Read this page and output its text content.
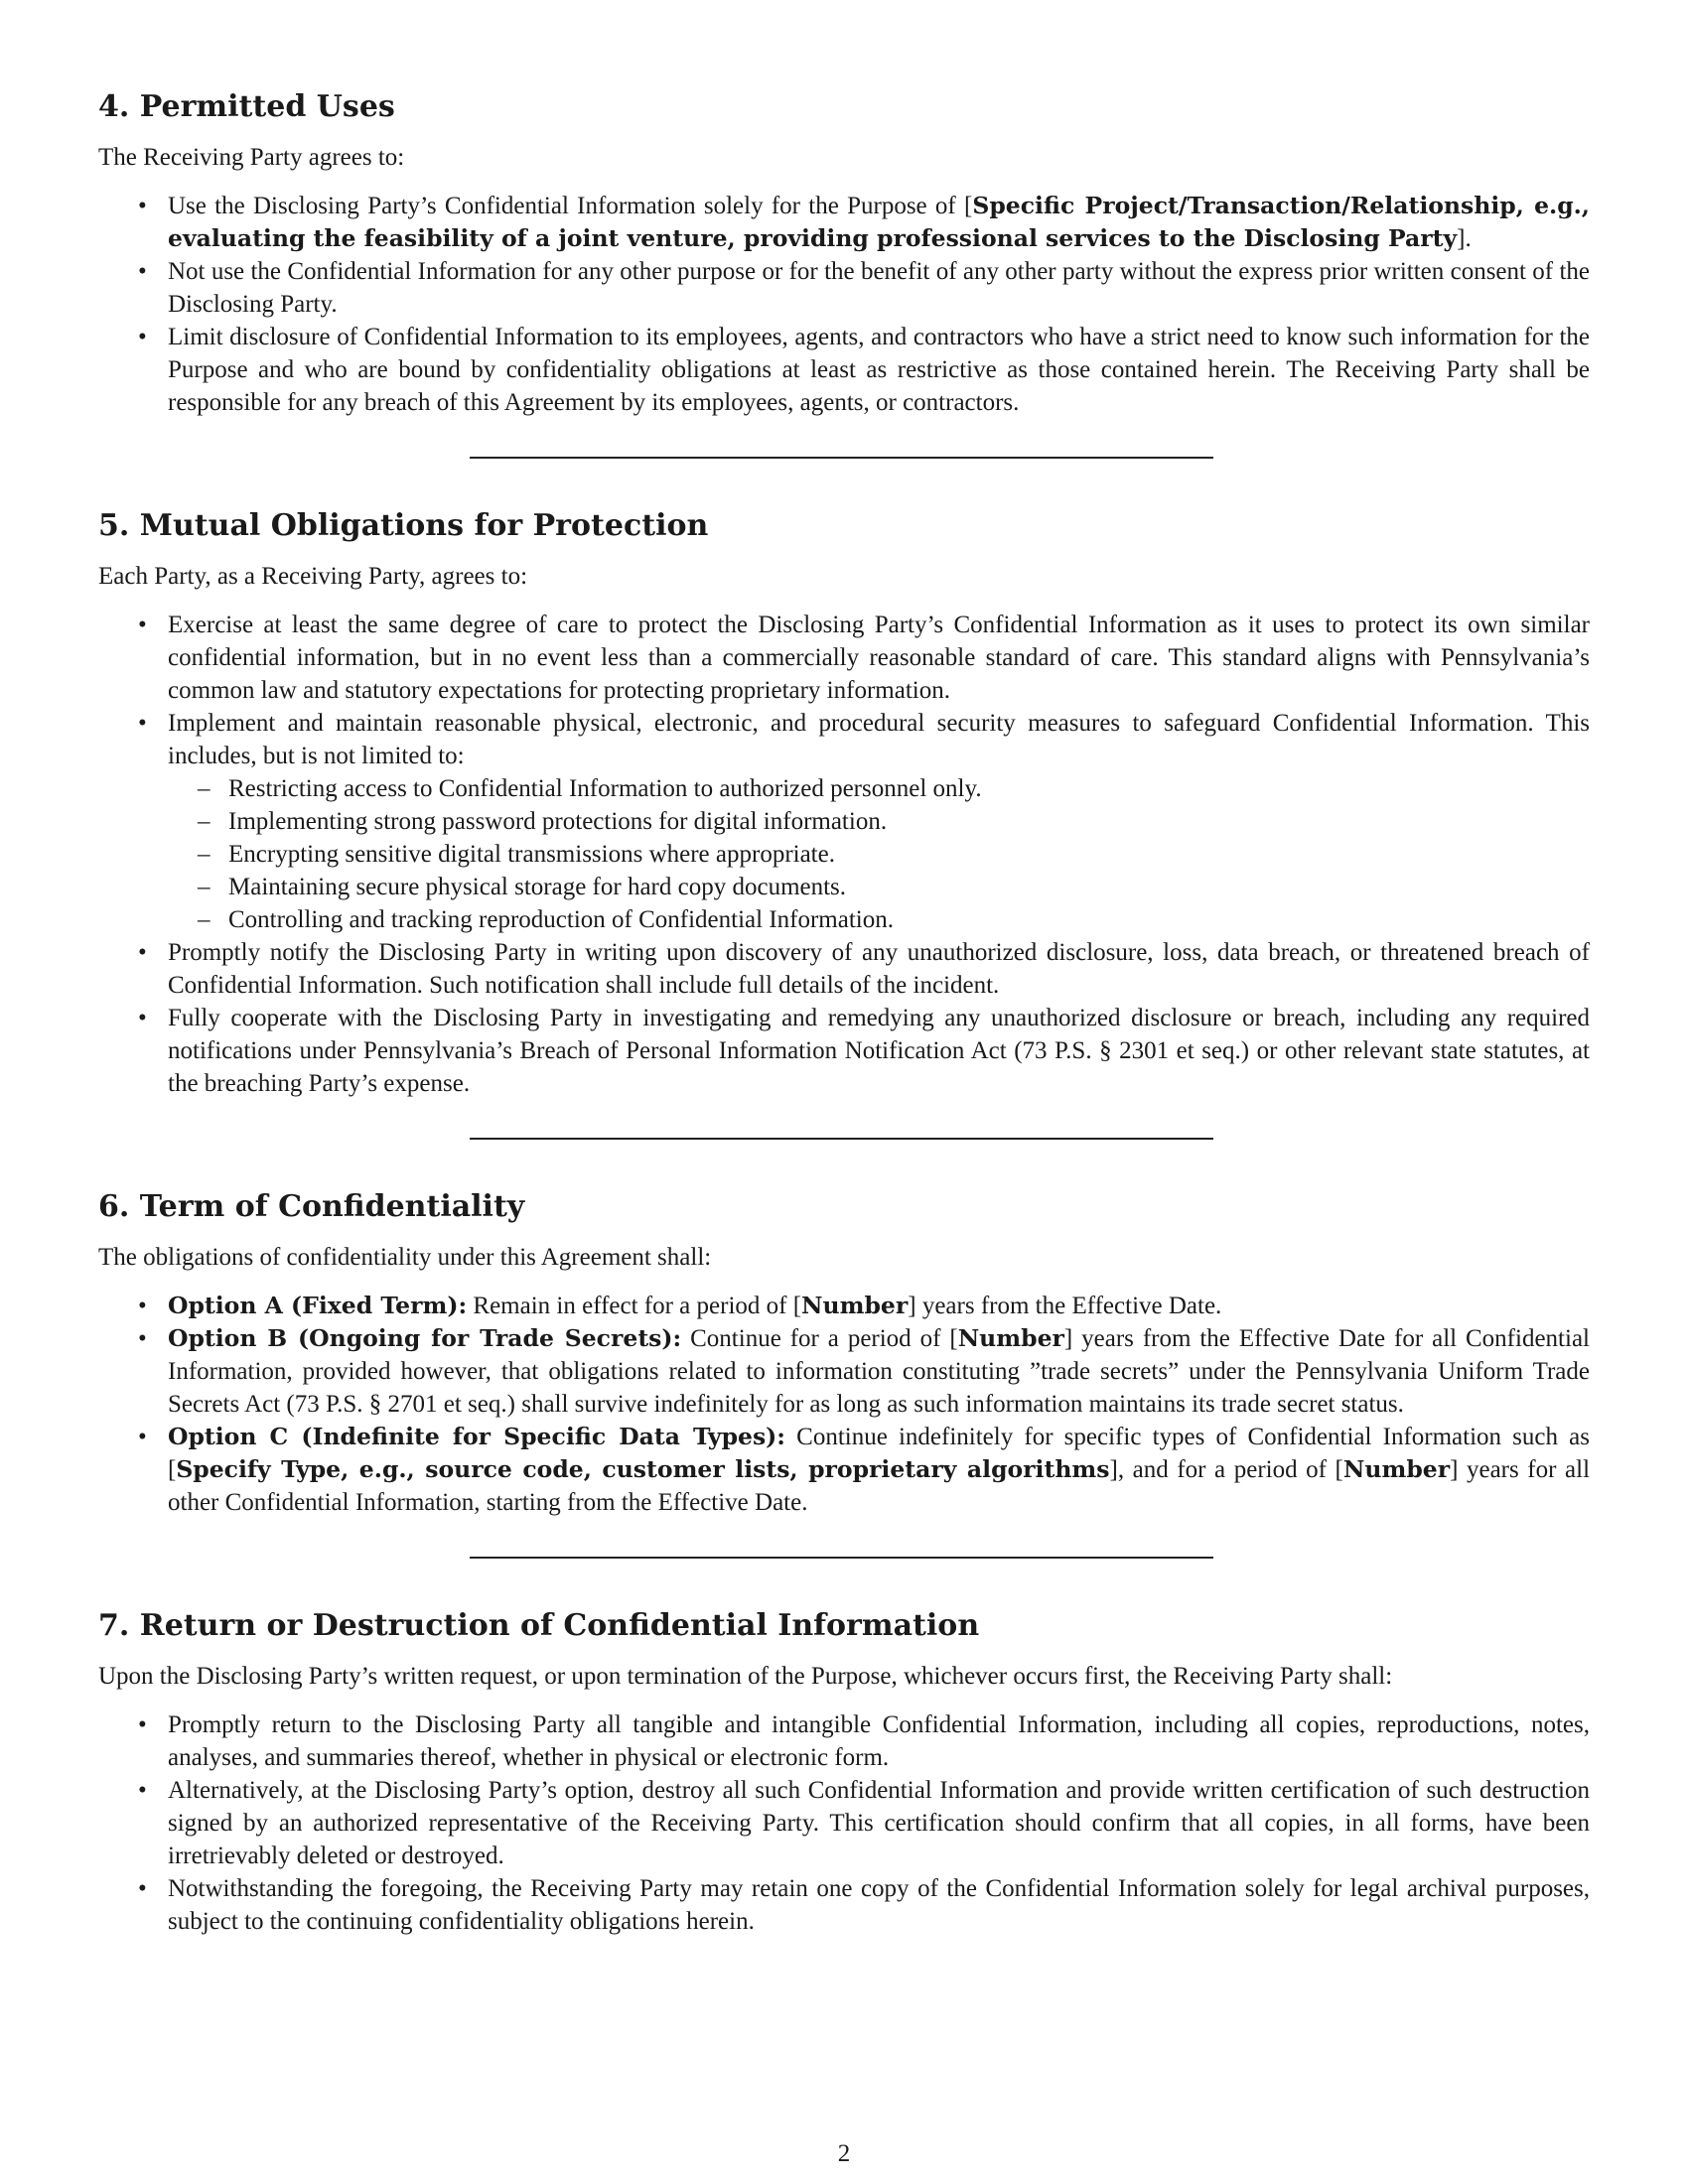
4. Permitted Uses

The Receiving Party agrees to:

• Use the Disclosing Party’s Confidential Information solely for the Purpose of [Specific Project/Transaction/Relationship, e.g., evaluating the feasibility of a joint venture, providing professional services to the Disclosing Party].
• Not use the Confidential Information for any other purpose or for the benefit of any other party without the express prior written consent of the Disclosing Party.
• Limit disclosure of Confidential Information to its employees, agents, and contractors who have a strict need to know such information for the Purpose and who are bound by confidentiality obligations at least as restrictive as those contained herein. The Receiving Party shall be responsible for any breach of this Agreement by its employees, agents, or contractors.
5. Mutual Obligations for Protection

Each Party, as a Receiving Party, agrees to:

• Exercise at least the same degree of care to protect the Disclosing Party’s Confidential Information as it uses to protect its own similar confidential information, but in no event less than a commercially reasonable standard of care. This standard aligns with Pennsylvania’s common law and statutory expectations for protecting proprietary information.
• Implement and maintain reasonable physical, electronic, and procedural security measures to safeguard Confidential Information. This includes, but is not limited to:
– Restricting access to Confidential Information to authorized personnel only.
– Implementing strong password protections for digital information.
– Encrypting sensitive digital transmissions where appropriate.
– Maintaining secure physical storage for hard copy documents.
– Controlling and tracking reproduction of Confidential Information.
• Promptly notify the Disclosing Party in writing upon discovery of any unauthorized disclosure, loss, data breach, or threatened breach of Confidential Information. Such notification shall include full details of the incident.
• Fully cooperate with the Disclosing Party in investigating and remedying any unauthorized disclosure or breach, including any required notifications under Pennsylvania’s Breach of Personal Information Notification Act (73 P.S. § 2301 et seq.) or other relevant state statutes, at the breaching Party’s expense.
6. Term of Confidentiality

The obligations of confidentiality under this Agreement shall:

• Option A (Fixed Term): Remain in effect for a period of [Number] years from the Effective Date.
• Option B (Ongoing for Trade Secrets): Continue for a period of [Number] years from the Effective Date for all Confidential Information, provided however, that obligations related to information constituting ”trade secrets” under the Pennsylvania Uniform Trade Secrets Act (73 P.S. § 2701 et seq.) shall survive indefinitely for as long as such information maintains its trade secret status.
• Option C (Indefinite for Specific Data Types): Continue indefinitely for specific types of Confidential Information such as [Specify Type, e.g., source code, customer lists, proprietary algorithms], and for a period of [Number] years for all other Confidential Information, starting from the Effective Date.
7. Return or Destruction of Confidential Information

Upon the Disclosing Party’s written request, or upon termination of the Purpose, whichever occurs first, the Receiving Party shall:

• Promptly return to the Disclosing Party all tangible and intangible Confidential Information, including all copies, reproductions, notes, analyses, and summaries thereof, whether in physical or electronic form.
• Alternatively, at the Disclosing Party’s option, destroy all such Confidential Information and provide written certification of such destruction signed by an authorized representative of the Receiving Party. This certification should confirm that all copies, in all forms, have been irretrievably deleted or destroyed.
• Notwithstanding the foregoing, the Receiving Party may retain one copy of the Confidential Information solely for legal archival purposes, subject to the continuing confidentiality obligations herein.
2
